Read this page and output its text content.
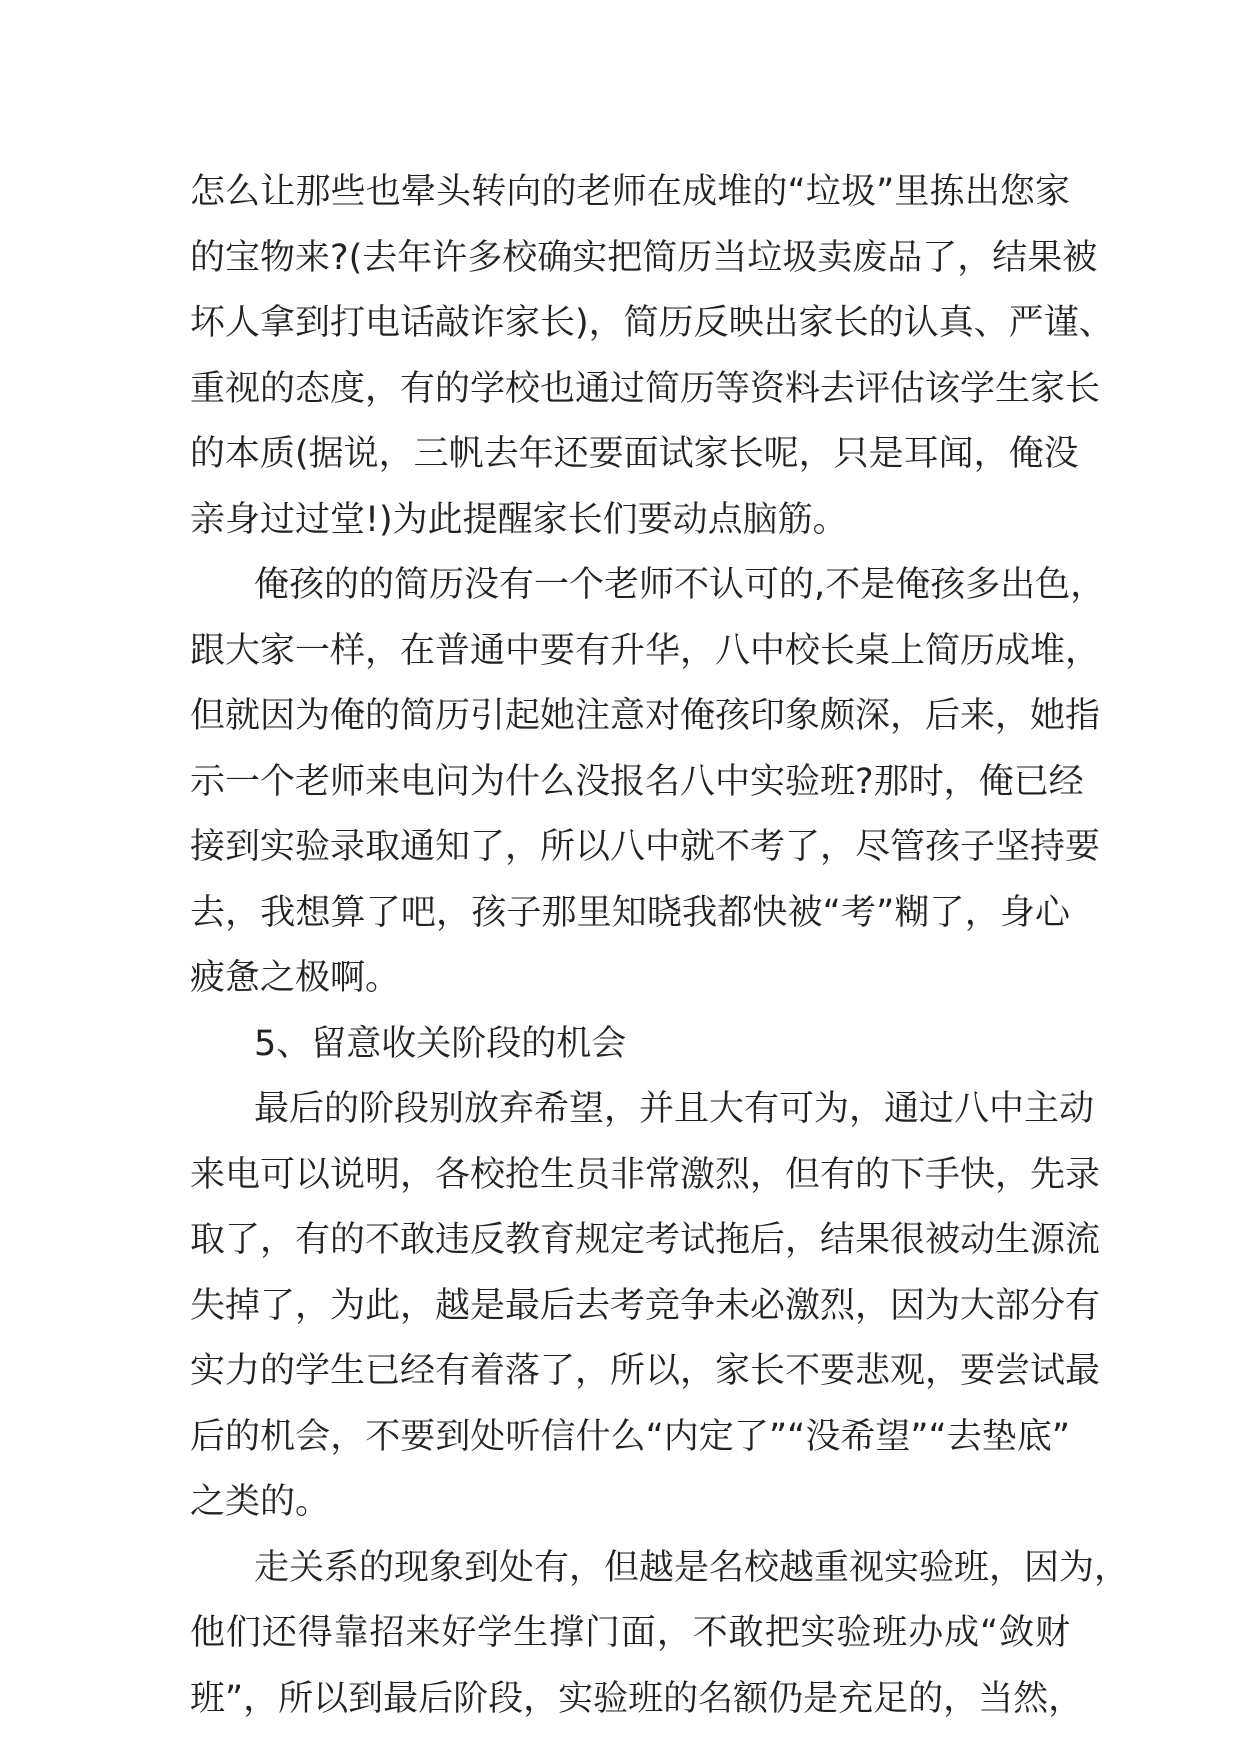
怎么让那些也晕头转向的老师在成堆的“垃圾”里拣出您家
的宝物来?(去年许多校确实把简历当垃圾卖废品了，结果被
坏人拿到打电话敲诈家长)，简历反映出家长的认真、严谨、
重视的态度，有的学校也通过简历等资料去评估该学生家长
的本质(据说，三帆去年还要面试家长呢，只是耳闻，俺没
亲身过过堂!)为此提醒家长们要动点脑筋。
俺孩的的简历没有一个老师不认可的,不是俺孩多出色，
跟大家一样，在普通中要有升华，八中校长桌上简历成堆，
但就因为俺的简历引起她注意对俺孩印象颇深，后来，她指
示一个老师来电问为什么没报名八中实验班?那时，俺已经
接到实验录取通知了，所以八中就不考了，尽管孩子坚持要
去，我想算了吧，孩子那里知晓我都快被“考”糊了，身心
疲惫之极啊。
5、留意收关阶段的机会
最后的阶段别放弃希望，并且大有可为，通过八中主动
来电可以说明，各校抢生员非常激烈，但有的下手快，先录
取了，有的不敢违反教育规定考试拖后，结果很被动生源流
失掉了，为此，越是最后去考竞争未必激烈，因为大部分有
实力的学生已经有着落了，所以，家长不要悲观，要尝试最
后的机会，不要到处听信什么“内定了”“没希望”“去垫底”
之类的。
走关系的现象到处有，但越是名校越重视实验班，因为，
他们还得靠招来好学生撑门面，不敢把实验班办成“敛财
班”，所以到最后阶段，实验班的名额仍是充足的，当然，
